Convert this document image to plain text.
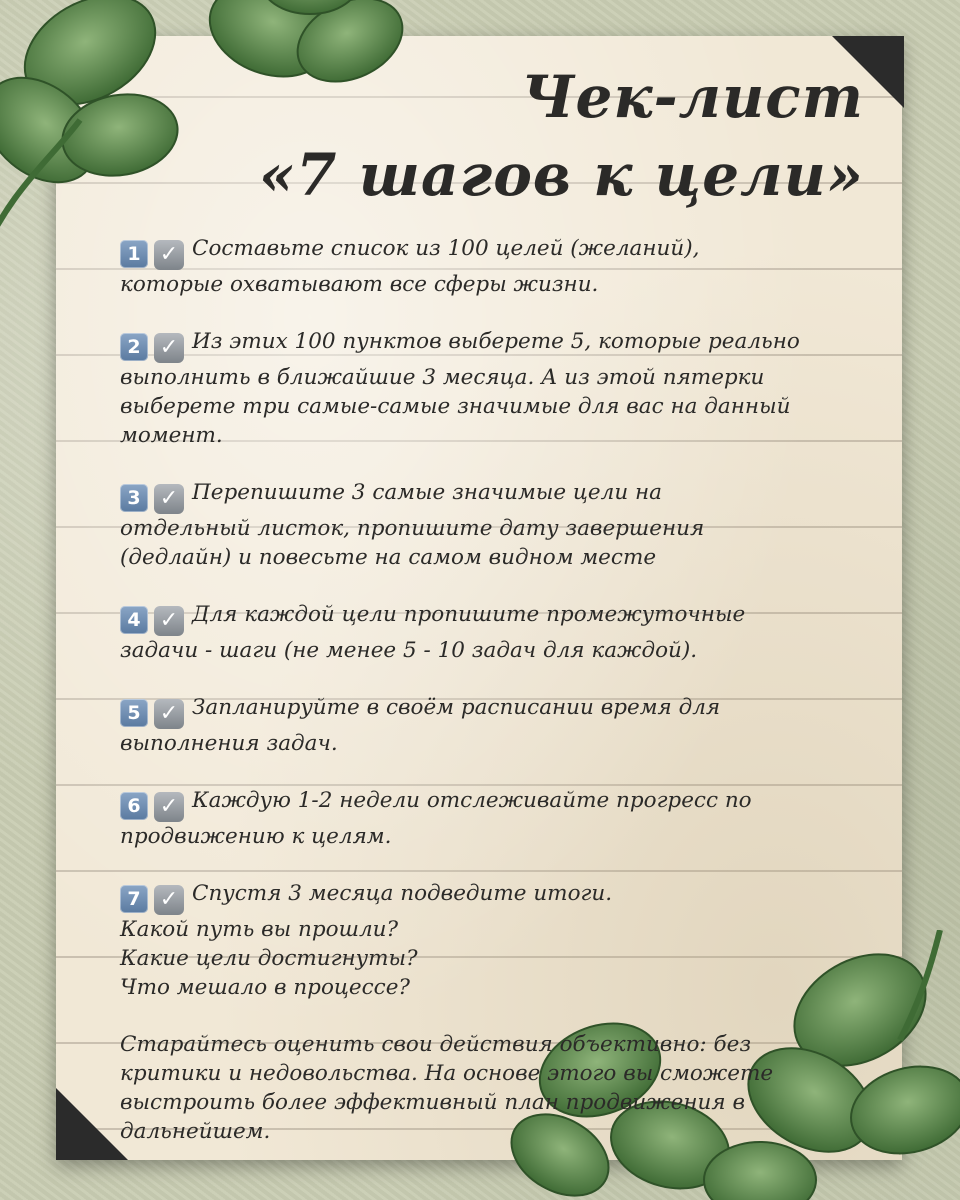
Чек-лист
«7 шагов к цели»
1 ✓ Составьте список из 100 целей (желаний),
которые охватывают все сферы жизни.
2 ✓ Из этих 100 пунктов выберете 5, которые реально
выполнить в ближайшие 3 месяца. А из этой пятерки
выберете три самые-самые значимые для вас на данный
момент.
3 ✓ Перепишите 3 самые значимые цели на
отдельный листок, пропишите дату завершения
(дедлайн) и повесьте на самом видном месте
4 ✓ Для каждой цели пропишите промежуточные
задачи - шаги (не менее 5 - 10 задач для каждой).
5 ✓ Запланируйте в своём расписании время для
выполнения задач.
6 ✓ Каждую 1-2 недели отслеживайте прогресс по
продвижению к целям.
7 ✓ Спустя 3 месяца подведите итоги.
Какой путь вы прошли?
Какие цели достигнуты?
Что мешало в процессе?
Старайтесь оценить свои действия объективно: без
критики и недовольства. На основе этого вы сможете
выстроить более эффективный план продвижения в
дальнейшем.
